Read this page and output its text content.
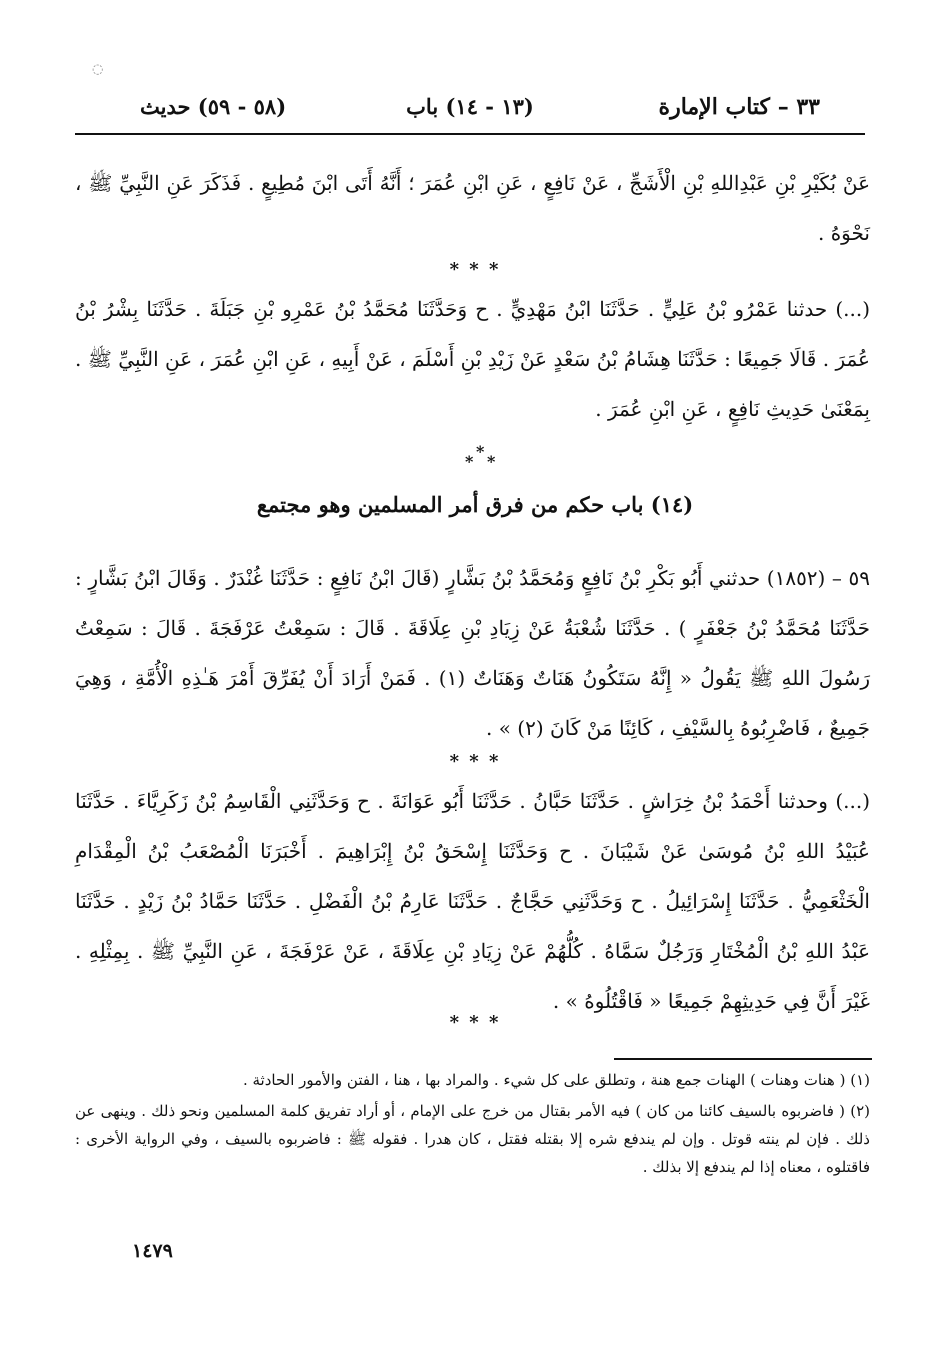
◌
٣٣ – كتاب الإمارة
(١٣ - ١٤) باب
(٥٨ - ٥٩) حديث
عَنْ بُكَيْرِ بْنِ عَبْدِاللهِ بْنِ الْأَشَجِّ ، عَنْ نَافِعٍ ، عَنِ ابْنِ عُمَرَ ؛ أَنَّهُ أَتَى ابْنَ مُطِيعٍ . فَذَكَرَ عَنِ النَّبِيِّ ﷺ ، نَحْوَهُ .
* * *
(...) حدثنا عَمْرُو بْنُ عَلِيٍّ . حَدَّثَنَا ابْنُ مَهْدِيٍّ . ح وَحَدَّثَنَا مُحَمَّدُ بْنُ عَمْرِو بْنِ جَبَلَةَ . حَدَّثَنَا بِشْرُ بْنُ عُمَرَ . قَالَا جَمِيعًا : حَدَّثَنَا هِشَامُ بْنُ سَعْدٍ عَنْ زَيْدِ بْنِ أَسْلَمَ ، عَنْ أَبِيهِ ، عَنِ ابْنِ عُمَرَ ، عَنِ النَّبِيِّ ﷺ . بِمَعْنَىٰ حَدِيثِ نَافِعٍ ، عَنِ ابْنِ عُمَرَ .
*
* *
(١٤) باب حكم من فرق أمر المسلمين وهو مجتمع
٥٩ – (١٨٥٢) حدثني أَبُو بَكْرِ بْنُ نَافِعٍ وَمُحَمَّدُ بْنُ بَشَّارٍ (قَالَ ابْنُ نَافِعٍ : حَدَّثَنَا غُنْدَرٌ . وَقَالَ ابْنُ بَشَّارٍ : حَدَّثَنَا مُحَمَّدُ بْنُ جَعْفَرٍ ) . حَدَّثَنَا شُعْبَةُ عَنْ زِيَادِ بْنِ عِلَاقَةَ . قَالَ : سَمِعْتُ عَرْفَجَةَ . قَالَ : سَمِعْتُ رَسُولَ اللهِ ﷺ يَقُولُ « إِنَّهُ سَتَكُونُ هَنَاتٌ وَهَنَاتٌ (١) . فَمَنْ أَرَادَ أَنْ يُفَرِّقَ أَمْرَ هَـٰذِهِ الْأُمَّةِ ، وَهِيَ جَمِيعٌ ، فَاضْرِبُوهُ بِالسَّيْفِ ، كَائِنًا مَنْ كَانَ (٢) » .
* * *
(...) وحدثنا أَحْمَدُ بْنُ خِرَاشٍ . حَدَّثَنَا حَبَّانُ . حَدَّثَنَا أَبُو عَوَانَةَ . ح وَحَدَّثَنِي الْقَاسِمُ بْنُ زَكَرِيَّاءَ . حَدَّثَنَا عُبَيْدُ اللهِ بْنُ مُوسَىٰ عَنْ شَيْبَانَ . ح وَحَدَّثَنَا إِسْحَقُ بْنُ إِبْرَاهِيمَ . أَخْبَرَنَا الْمُصْعَبُ بْنُ الْمِقْدَامِ الْخَثْعَمِيُّ . حَدَّثَنَا إِسْرَائِيلُ . ح وَحَدَّثَنِي حَجَّاجٌ . حَدَّثَنَا عَارِمُ بْنُ الْفَضْلِ . حَدَّثَنَا حَمَّادُ بْنُ زَيْدٍ . حَدَّثَنَا عَبْدُ اللهِ بْنُ الْمُخْتَارِ وَرَجُلٌ سَمَّاهُ . كُلُّهُمْ عَنْ زِيَادِ بْنِ عِلَاقَةَ ، عَنْ عَرْفَجَةَ ، عَنِ النَّبِيِّ ﷺ . بِمِثْلِهِ . غَيْرَ أَنَّ فِي حَدِيثِهِمْ جَمِيعًا « فَاقْتُلُوهُ » .
* * *
(١) ( هنات وهنات ) الهنات جمع هنة ، وتطلق على كل شيء . والمراد بها ، هنا ، الفتن والأمور الحادثة .
(٢) ( فاضربوه بالسيف كائنا من كان ) فيه الأمر بقتال من خرج على الإمام ، أو أراد تفريق كلمة المسلمين ونحو ذلك . وينهى عن ذلك . فإن لم ينته قوتل . وإن لم يندفع شره إلا بقتله فقتل ، كان هدرا . فقوله ﷺ : فاضربوه بالسيف ، وفي الرواية الأخرى : فاقتلوه ، معناه إذا لم يندفع إلا بذلك .
١٤٧٩
